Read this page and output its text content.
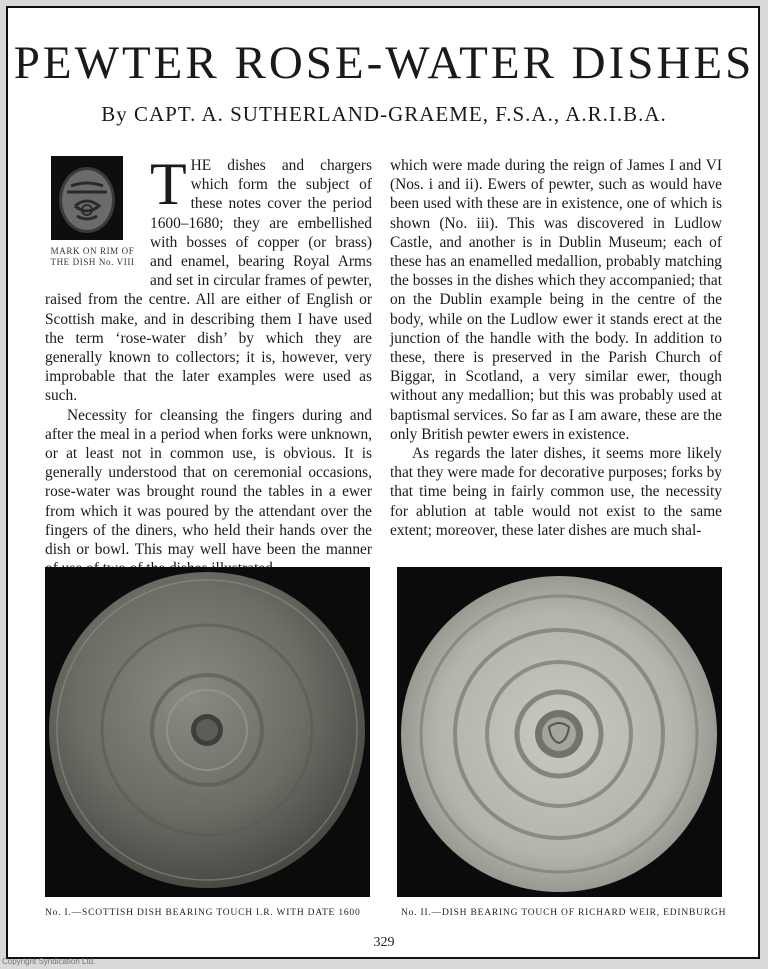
PEWTER ROSE-WATER DISHES
By CAPT. A. SUTHERLAND-GRAEME, F.S.A., A.R.I.B.A.
MARK ON RIM OF
THE DISH No. VIII

THE dishes and chargers which form the subject of these notes cover the period 1600–1680; they are embellished with bosses of copper (or brass) and enamel, bearing Royal Arms and set in circular frames of pewter, raised from the centre. All are either of English or Scottish make, and in describing them I have used the term ‘rose-water dish’ by which they are generally known to collectors; it is, however, very improbable that the later examples were used as such.

Necessity for cleansing the fingers during and after the meal in a period when forks were unknown, or at least not in common use, is obvious. It is generally understood that on ceremonial occasions, rose-water was brought round the tables in a ewer from which it was poured by the attendant over the fingers of the diners, who held their hands over the dish or bowl. This may well have been the manner

which were made during the reign of James I and VI (Nos. i and ii). Ewers of pewter, such as would have been used with these are in existence, one of which is shown (No. iii). This was discovered in Ludlow Castle, and another is in Dublin Museum; each of these has an enamelled medallion, probably matching the bosses in the dishes which they accompanied; that on the Dublin example being in the centre of the body, while on the Ludlow ewer it stands erect at the junction of the handle with the body. In addition to these, there is preserved in the Parish Church of Biggar, in Scotland, a very similar ewer, though without any medallion; but this was probably used at baptismal services. So far as I am aware, these are the only British pewter ewers in existence.

As regards the later dishes, it seems more likely that they were made for decorative purposes; forks by that time being in fairly common use, the necessity for ablution at table would not exist to the same extent; moreover, these later dishes are much shal-

No. I.—SCOTTISH DISH BEARING TOUCH I.R. WITH DATE 1600	No. II.—DISH BEARING TOUCH OF RICHARD WEIR, EDINBURGH
329
Copyright Syndication Ltd.
